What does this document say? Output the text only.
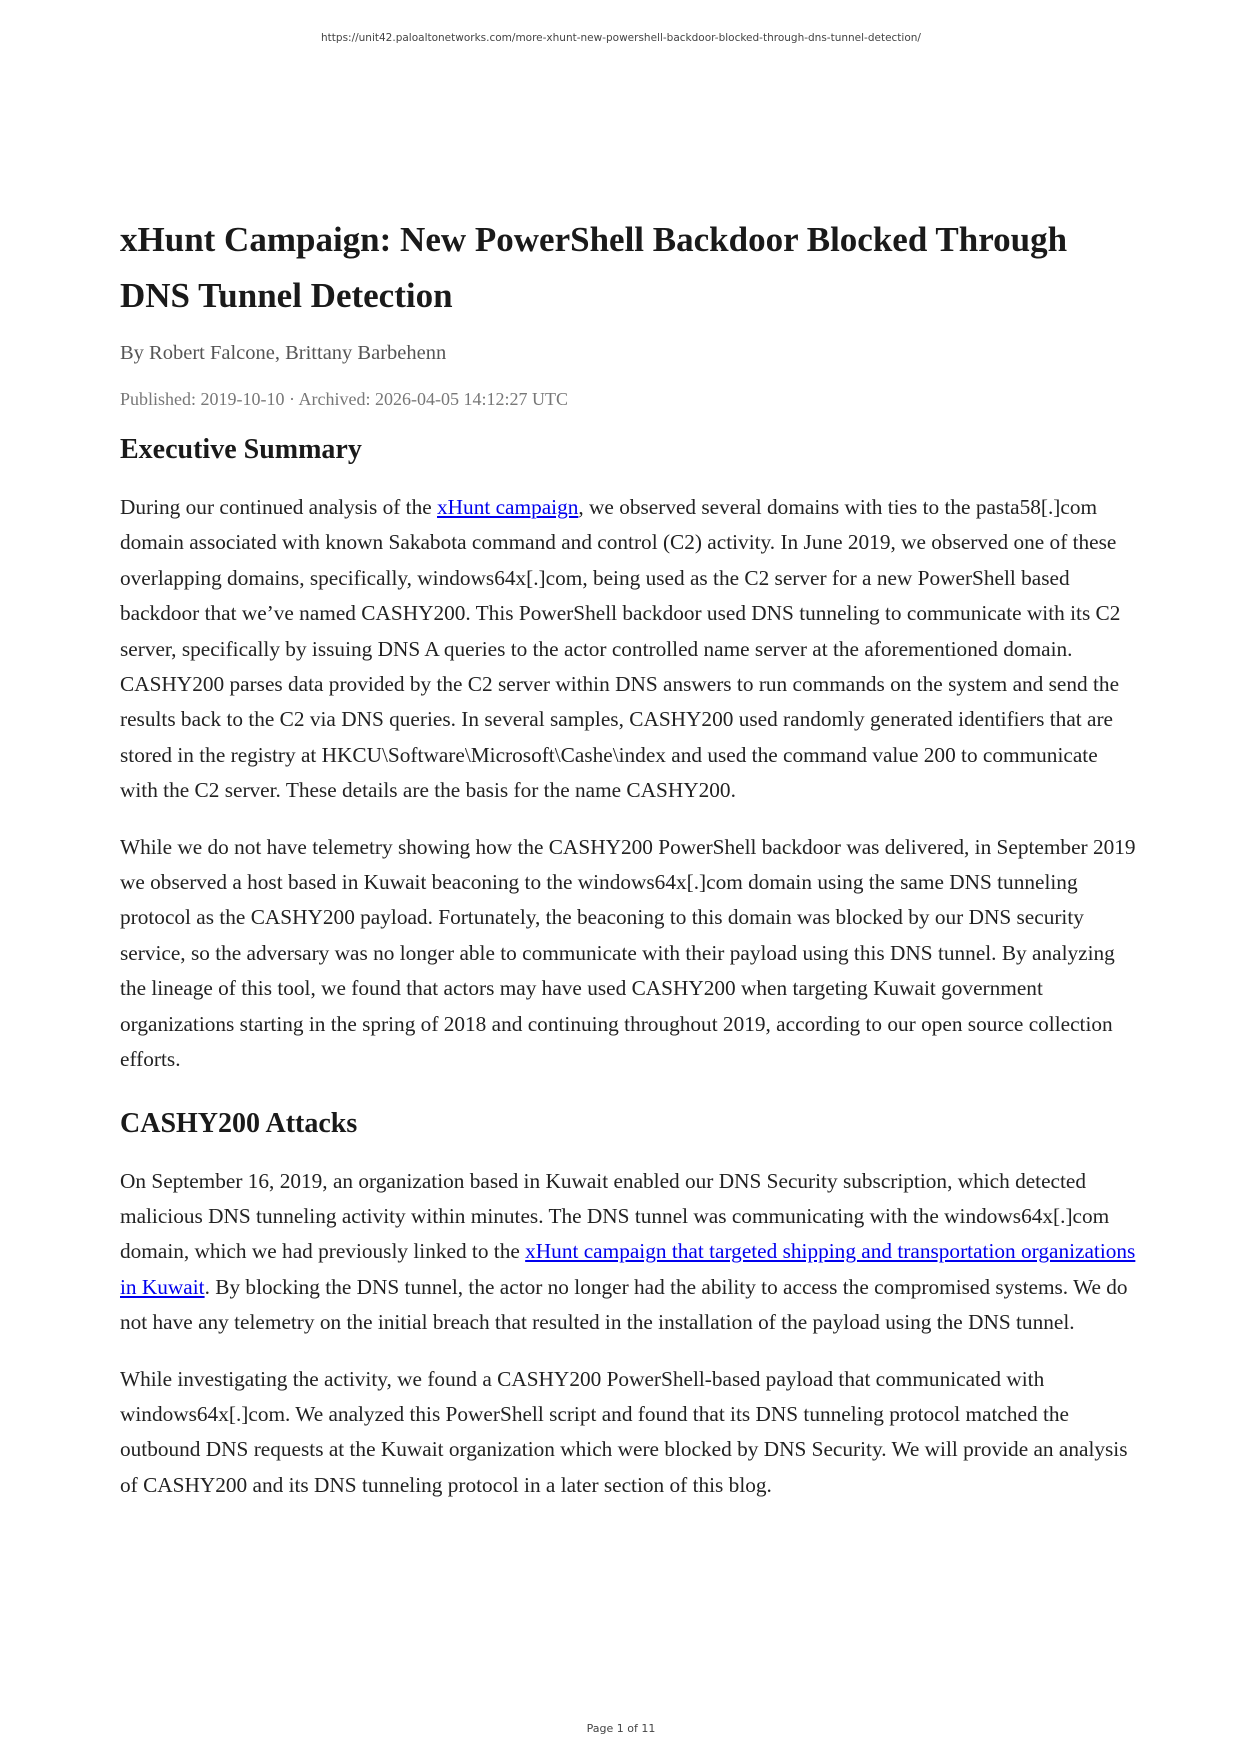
https://unit42.paloaltonetworks.com/more-xhunt-new-powershell-backdoor-blocked-through-dns-tunnel-detection/
xHunt Campaign: New PowerShell Backdoor Blocked Through DNS Tunnel Detection
By Robert Falcone, Brittany Barbehenn
Published: 2019-10-10 · Archived: 2026-04-05 14:12:27 UTC
Executive Summary

During our continued analysis of the xHunt campaign, we observed several domains with ties to the pasta58[.]com domain associated with known Sakabota command and control (C2) activity. In June 2019, we observed one of these overlapping domains, specifically, windows64x[.]com, being used as the C2 server for a new PowerShell based backdoor that we’ve named CASHY200. This PowerShell backdoor used DNS tunneling to communicate with its C2 server, specifically by issuing DNS A queries to the actor controlled name server at the aforementioned domain. CASHY200 parses data provided by the C2 server within DNS answers to run commands on the system and send the results back to the C2 via DNS queries. In several samples, CASHY200 used randomly generated identifiers that are stored in the registry at HKCU\Software\Microsoft\Cashe\index and used the command value 200 to communicate with the C2 server. These details are the basis for the name CASHY200.

While we do not have telemetry showing how the CASHY200 PowerShell backdoor was delivered, in September 2019 we observed a host based in Kuwait beaconing to the windows64x[.]com domain using the same DNS tunneling protocol as the CASHY200 payload. Fortunately, the beaconing to this domain was blocked by our DNS security service, so the adversary was no longer able to communicate with their payload using this DNS tunnel. By analyzing the lineage of this tool, we found that actors may have used CASHY200 when targeting Kuwait government organizations starting in the spring of 2018 and continuing throughout 2019, according to our open source collection efforts.

CASHY200 Attacks

On September 16, 2019, an organization based in Kuwait enabled our DNS Security subscription, which detected malicious DNS tunneling activity within minutes. The DNS tunnel was communicating with the windows64x[.]com domain, which we had previously linked to the xHunt campaign that targeted shipping and transportation organizations in Kuwait. By blocking the DNS tunnel, the actor no longer had the ability to access the compromised systems. We do not have any telemetry on the initial breach that resulted in the installation of the payload using the DNS tunnel.

While investigating the activity, we found a CASHY200 PowerShell-based payload that communicated with windows64x[.]com. We analyzed this PowerShell script and found that its DNS tunneling protocol matched the outbound DNS requests at the Kuwait organization which were blocked by DNS Security. We will provide an analysis of CASHY200 and its DNS tunneling protocol in a later section of this blog.

Page 1 of 11
